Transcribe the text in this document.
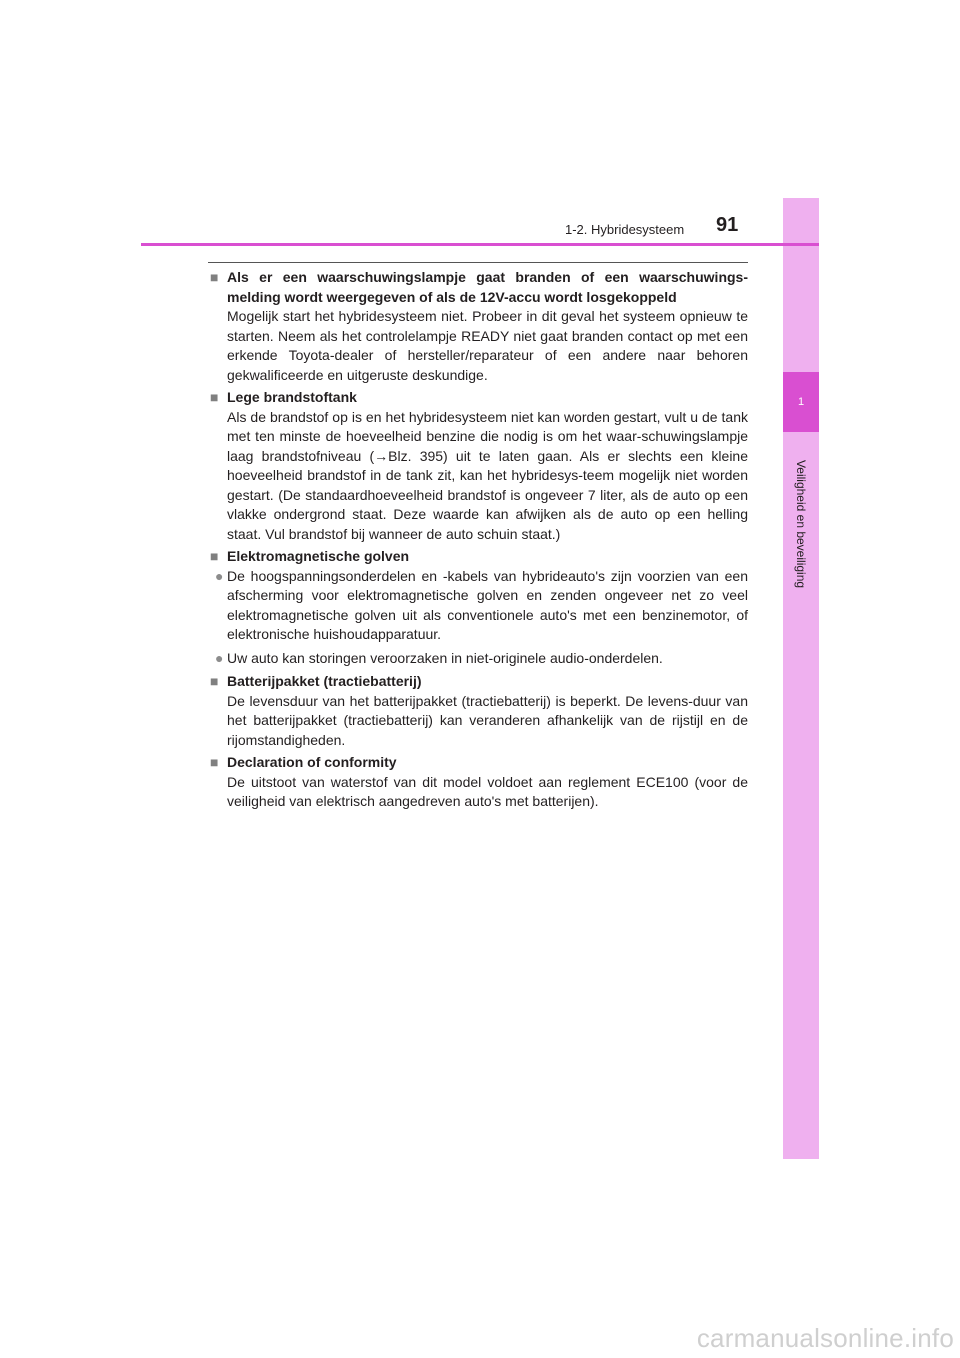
1
Veiligheid en beveiliging
1-2. Hybridesysteem 91
■ Als er een waarschuwingslampje gaat branden of een waarschuwings-melding wordt weergegeven of als de 12V-accu wordt losgekoppeld
Mogelijk start het hybridesysteem niet. Probeer in dit geval het systeem opnieuw te starten. Neem als het controlelampje READY niet gaat branden contact op met een erkende Toyota-dealer of hersteller/reparateur of een andere naar behoren gekwalificeerde en uitgeruste deskundige.
■ Lege brandstoftank
Als de brandstof op is en het hybridesysteem niet kan worden gestart, vult u de tank met ten minste de hoeveelheid benzine die nodig is om het waar-schuwingslampje laag brandstofniveau (→Blz. 395) uit te laten gaan. Als er slechts een kleine hoeveelheid brandstof in de tank zit, kan het hybridesys-teem mogelijk niet worden gestart. (De standaardhoeveelheid brandstof is ongeveer 7 liter, als de auto op een vlakke ondergrond staat. Deze waarde kan afwijken als de auto op een helling staat. Vul brandstof bij wanneer de auto schuin staat.)
■ Elektromagnetische golven
● De hoogspanningsonderdelen en -kabels van hybrideauto's zijn voorzien van een afscherming voor elektromagnetische golven en zenden ongeveer net zo veel elektromagnetische golven uit als conventionele auto's met een benzinemotor, of elektronische huishoudapparatuur.
● Uw auto kan storingen veroorzaken in niet-originele audio-onderdelen.
■ Batterijpakket (tractiebatterij)
De levensduur van het batterijpakket (tractiebatterij) is beperkt. De levens-duur van het batterijpakket (tractiebatterij) kan veranderen afhankelijk van de rijstijl en de rijomstandigheden.
■ Declaration of conformity
De uitstoot van waterstof van dit model voldoet aan reglement ECE100 (voor de veiligheid van elektrisch aangedreven auto's met batterijen).
carmanualsonline.info
